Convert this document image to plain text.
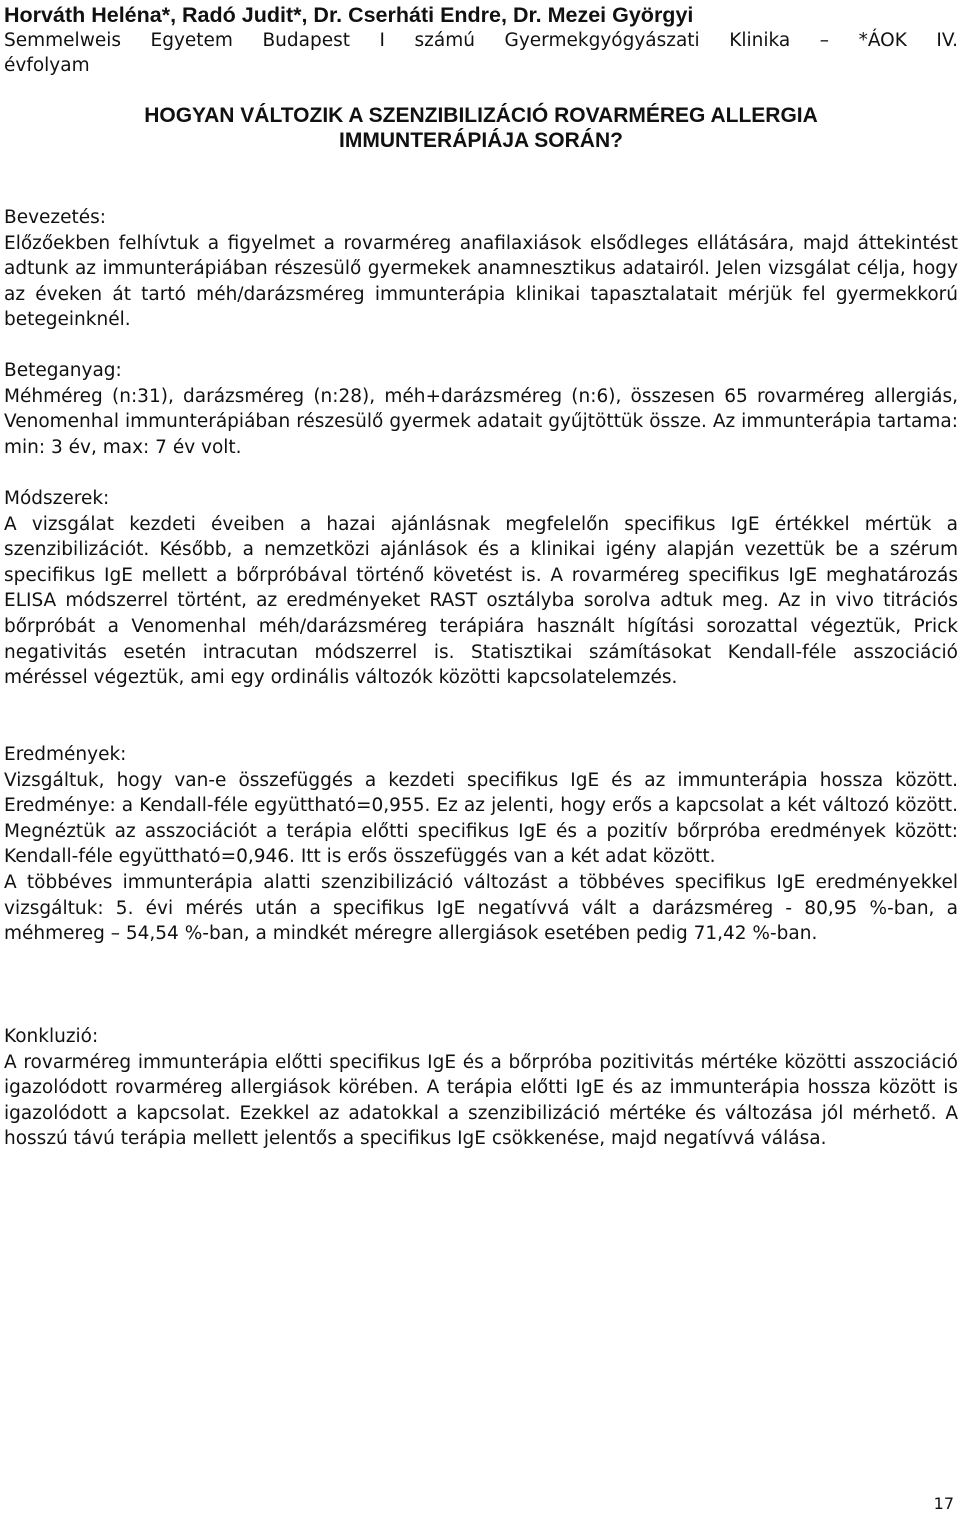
Horváth Heléna*, Radó Judit*, Dr. Cserháti Endre, Dr. Mezei Györgyi
Semmelweis Egyetem Budapest I számú Gyermekgyógyászati Klinika – *ÁOK IV.
évfolyam
HOGYAN VÁLTOZIK A SZENZIBILIZÁCIÓ ROVARMÉREG ALLERGIA
IMMUNTERÁPIÁJA SORÁN?
Bevezetés:

Előzőekben felhívtuk a figyelmet a rovarméreg anafilaxiások elsődleges ellátására, majd áttekintést adtunk az immunterápiában részesülő gyermekek anamnesztikus adatairól. Jelen vizsgálat célja, hogy az éveken át tartó méh/darázsméreg immunterápia klinikai tapasztalatait mérjük fel gyermekkorú betegeinknél.

Beteganyag:

Méhméreg (n:31), darázsméreg (n:28), méh+darázsméreg (n:6), összesen 65 rovarméreg allergiás, Venomenhal immunterápiában részesülő gyermek adatait gyűjtöttük össze. Az immunterápia tartama: min: 3 év, max: 7 év volt.

Módszerek:

A vizsgálat kezdeti éveiben a hazai ajánlásnak megfelelőn specifikus IgE értékkel mértük a szenzibilizációt. Később, a nemzetközi ajánlások és a klinikai igény alapján vezettük be a szérum specifikus IgE mellett a bőrpróbával történő követést is. A rovarméreg specifikus IgE meghatározás ELISA módszerrel történt, az eredményeket RAST osztályba sorolva adtuk meg. Az in vivo titrációs bőrpróbát a Venomenhal méh/darázsméreg terápiára használt hígítási sorozattal végeztük, Prick negativitás esetén intracutan módszerrel is. Statisztikai számításokat Kendall-féle asszociáció méréssel végeztük, ami egy ordinális változók közötti kapcsolatelemzés.

Eredmények:

Vizsgáltuk, hogy van-e összefüggés a kezdeti specifikus IgE és az immunterápia hossza között. Eredménye: a Kendall-féle együttható=0,955. Ez az jelenti, hogy erős a kapcsolat a két változó között. Megnéztük az asszociációt a terápia előtti specifikus IgE és a pozitív bőrpróba eredmények között: Kendall-féle együttható=0,946. Itt is erős összefüggés van a két adat között.

A többéves immunterápia alatti szenzibilizáció változást a többéves specifikus IgE eredményekkel vizsgáltuk: 5. évi mérés után a specifikus IgE negatívvá vált a darázsméreg - 80,95 %-ban, a méhmereg – 54,54 %-ban, a mindkét méregre allergiások esetében pedig 71,42 %-ban.

Konkluzió:

A rovarméreg immunterápia előtti specifikus IgE és a bőrpróba pozitivitás mértéke közötti asszociáció igazolódott rovarméreg allergiások körében. A terápia előtti IgE és az immunterápia hossza között is igazolódott a kapcsolat. Ezekkel az adatokkal a szenzibilizáció mértéke és változása jól mérhető. A hosszú távú terápia mellett jelentős a specifikus IgE csökkenése, majd negatívvá válása.

17
